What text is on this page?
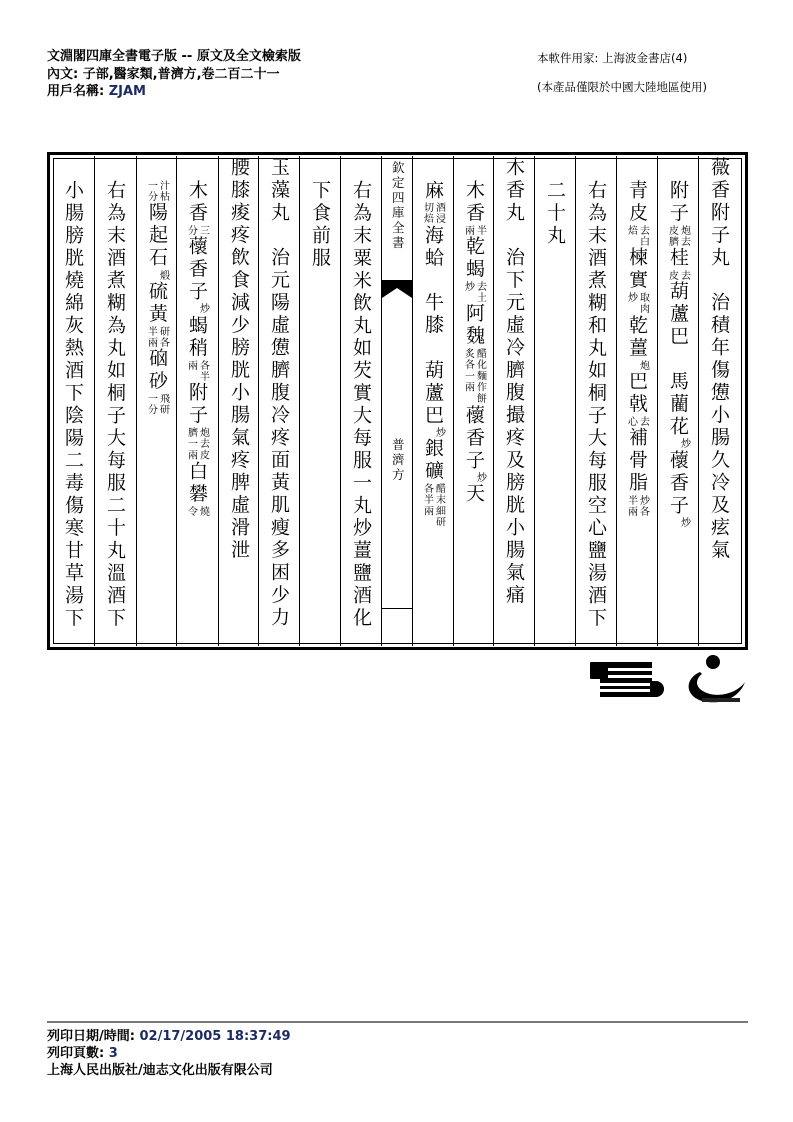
文淵閣四庫全書電子版 -- 原文及全文檢索版
內文: 子部,醫家類,普濟方,卷二百二十一
用戶名稱: ZJAM
本軟件用家: 上海波金書店(4)
(本產品僅限於中國大陸地區使用)
薇香附子丸
治積年傷憊小腸久冷及痃氣
附子
炮去
皮臍
桂
去
皮
葫蘆巴
馬藺花
炒
蘹香子
炒
青皮
去白
焙
楝實
取肉
炒
乾薑
炮
巴戟
去
心
補骨脂
炒各
半兩
右為末酒煮糊和丸如桐子大每服空心鹽湯酒下
二十丸
木香丸
治下元虛冷臍腹撮疼及膀胱小腸氣痛
木香
半
兩
乾蝎
去土
炒
阿魏
醋化麵作餅
炙各一兩
蘹香子
炒
天
麻
酒浸
切焙
海蛤
牛膝
葫蘆巴
炒
銀礦
醋末細研
各半兩
右為末粟米飲丸如芡實大每服一丸炒薑鹽酒化
下食前服
玉藻丸
治元陽虛憊臍腹冷疼面黃肌瘦多困少力
腰膝痠疼飲食減少膀胱小腸氣疼脾虛滑泄
木香
三
分
蘹香子
炒
蝎稍
各半
兩
附子
炮去皮
臍一兩
白礬
燒
令
汁枯
一分
陽起石
煅
硫黃
研各
半兩
硇砂
飛研
一分
右為末酒煮糊為丸如桐子大每服二十丸溫酒下
小腸膀胱燒綿灰熱酒下陰陽二毒傷寒甘草湯下	欽定四庫全書
普濟方
列印日期/時間: 02/17/2005 18:37:49
列印頁數: 3
上海人民出版社/迪志文化出版有限公司
